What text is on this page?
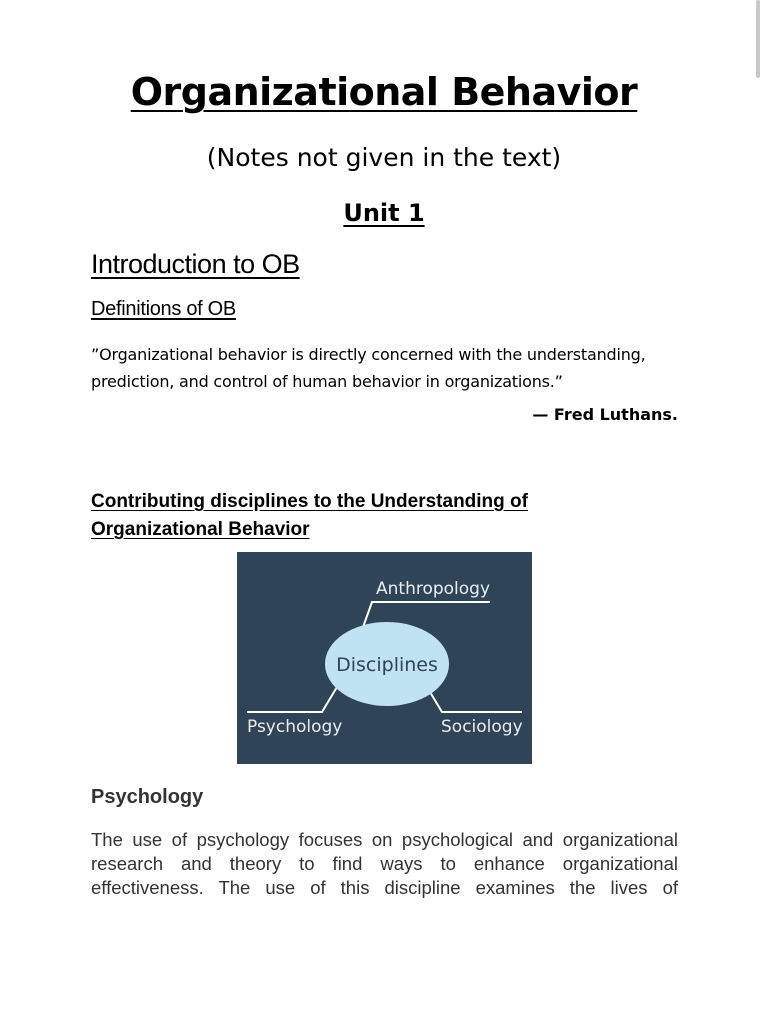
Organizational Behavior
(Notes not given in the text)
Unit 1
Introduction to OB
Definitions of OB
”Organizational behavior is directly concerned with the understanding, prediction, and control of human behavior in organizations.”
— Fred Luthans.
Contributing disciplines to the Understanding of
Organizational Behavior
Disciplines
Anthropology
Psychology	Sociology
Psychology
The use of psychology focuses on psychological and organizational research and theory to find ways to enhance organizational effectiveness. The use of this discipline examines the lives of
